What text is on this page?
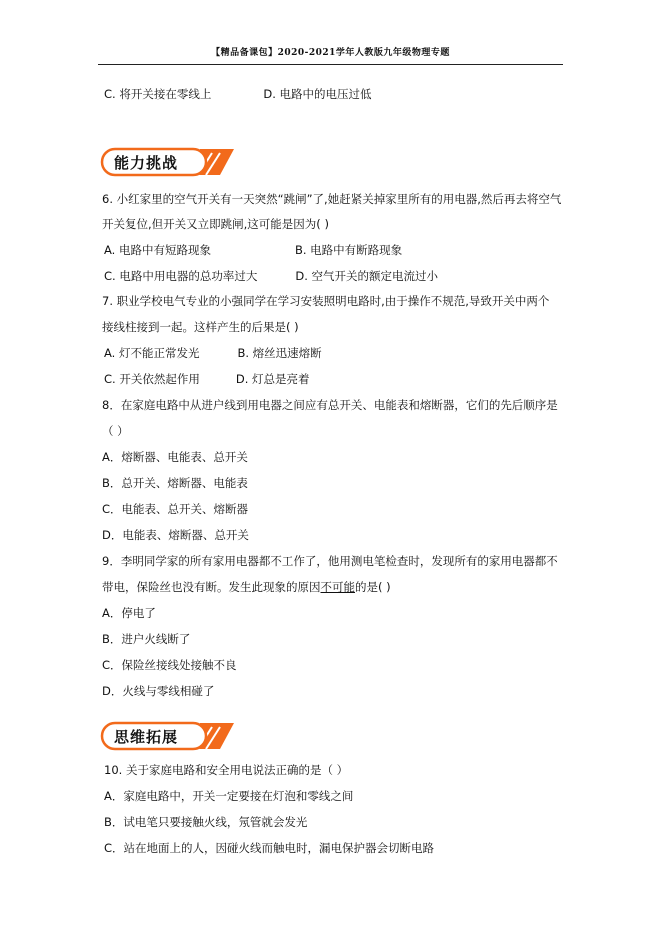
【精品备课包】2020-2021学年人教版九年级物理专题
C. 将开关接在零线上	D. 电路中的电压过低
能力挑战
6. 小红家里的空气开关有一天突然“跳闸”了,她赶紧关掉家里所有的用电器,然后再去将空气
开关复位,但开关又立即跳闸,这可能是因为( )
A. 电路中有短路现象	B. 电路中有断路现象
C. 电路中用电器的总功率过大	D. 空气开关的额定电流过小
7. 职业学校电气专业的小强同学在学习安装照明电路时,由于操作不规范,导致开关中两个
接线柱接到一起。这样产生的后果是( )
A. 灯不能正常发光	B. 熔丝迅速熔断
C. 开关依然起作用	D. 灯总是亮着
8．在家庭电路中从进户线到用电器之间应有总开关、电能表和熔断器，它们的先后顺序是
（ ）
A．熔断器、电能表、总开关
B．总开关、熔断器、电能表
C．电能表、总开关、熔断器
D．电能表、熔断器、总开关
9．李明同学家的所有家用电器都不工作了，他用测电笔检查时，发现所有的家用电器都不
带电，保险丝也没有断。发生此现象的原因不可能的是( )
A．停电了
B．进户火线断了
C．保险丝接线处接触不良
D．火线与零线相碰了
思维拓展
10. 关于家庭电路和安全用电说法正确的是（ ）
A．家庭电路中，开关一定要接在灯泡和零线之间
B．试电笔只要接触火线，氖管就会发光
C．站在地面上的人，因碰火线而触电时，漏电保护器会切断电路
